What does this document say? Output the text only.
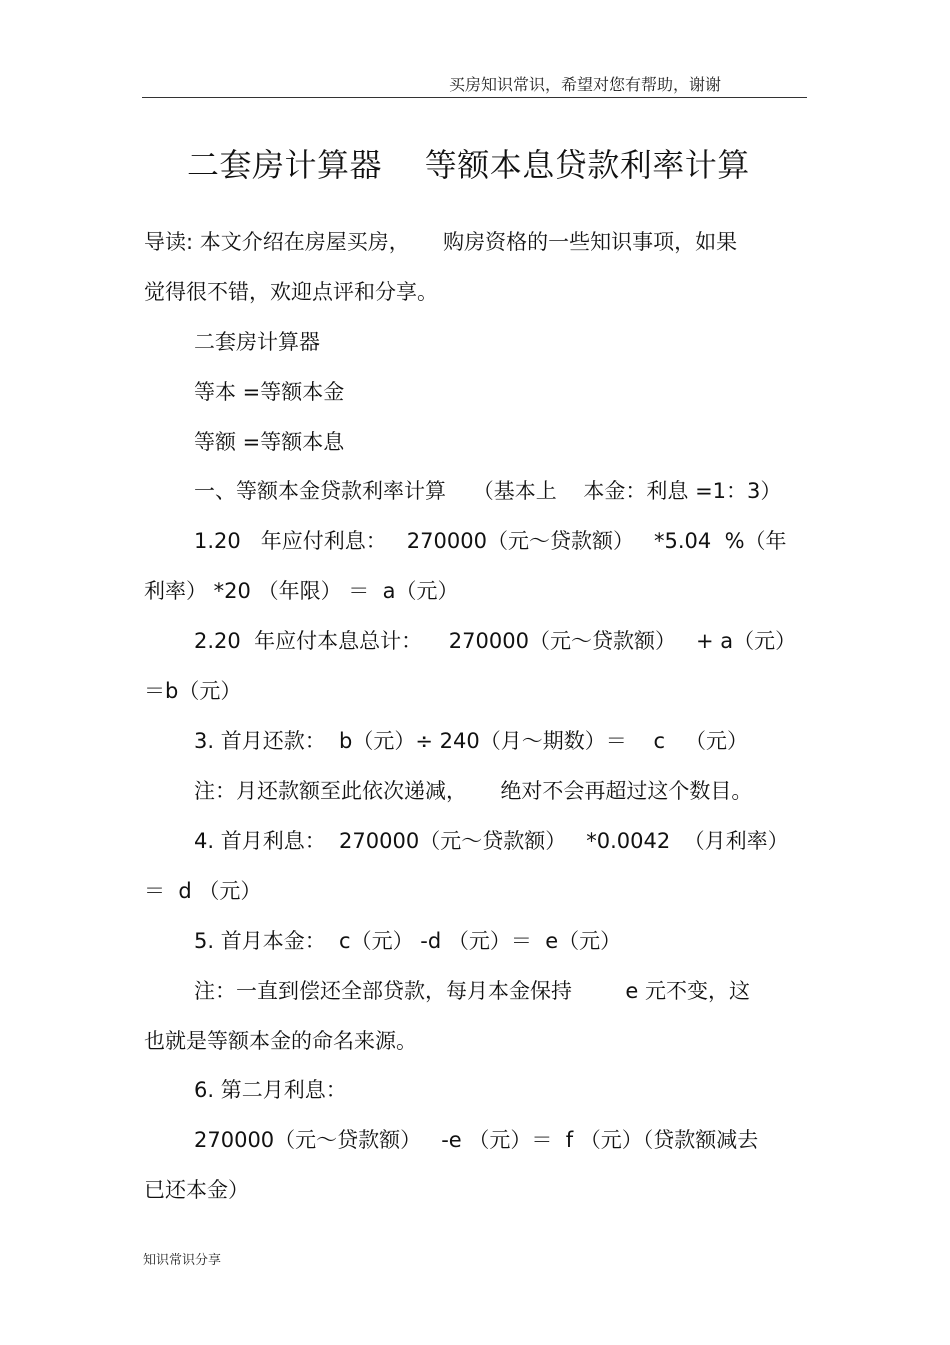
买房知识常识，希望对您有帮助，谢谢
二套房计算器    等额本息贷款利率计算
导读: 本文介绍在房屋买房，     购房资格的一些知识事项，如果
觉得很不错，欢迎点评和分享。
二套房计算器
等本 =等额本金
等额 =等额本息
一、等额本金贷款利率计算    （基本上    本金：利息 =1：3）
1.20   年应付利息：   270000（元～贷款额）   *5.04  %（年
利率） *20 （年限） ＝  a（元）
2.20  年应付本息总计：    270000（元～贷款额）   + a（元）
＝b（元）
3. 首月还款：  b（元）÷ 240（月～期数）＝    c   （元）
注：月还款额至此依次递减，     绝对不会再超过这个数目。
4. 首月利息：  270000（元～贷款额）   *0.0042  （月利率）
＝  d （元）
5. 首月本金：  c（元） -d （元）＝  e（元）
注：一直到偿还全部贷款，每月本金保持        e 元不变，这
也就是等额本金的命名来源。
6. 第二月利息：
270000（元～贷款额）   -e （元）＝  f （元）（贷款额减去
已还本金）
知识常识分享
